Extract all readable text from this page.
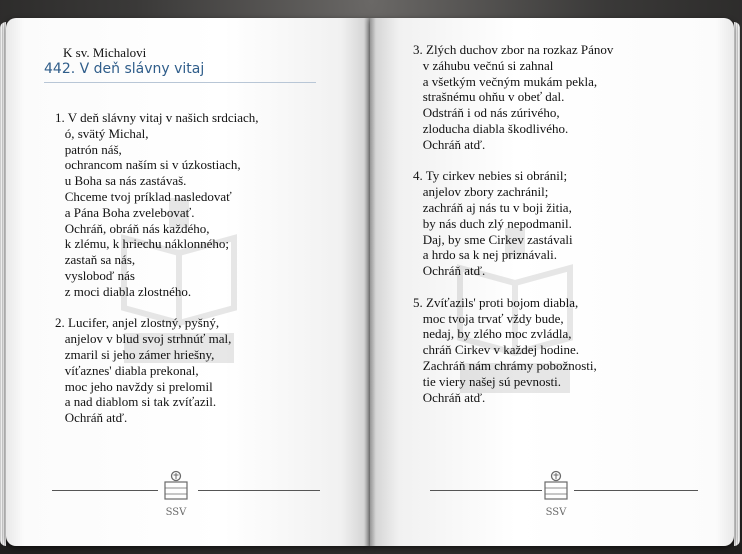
K sv. Michalovi
442. V deň slávny vitaj
1. V deň slávny vitaj v našich srdciach,
ó, svätý Michal,
patrón náš,
ochrancom naším si v úzkostiach,
u Boha sa nás zastávaš.
Chceme tvoj príklad nasledovať
a Pána Boha zvelebovať.
Ochráň, obráň nás každého,
k zlému, k hriechu náklonného;
zastaň sa nás,
vysloboď nás
z moci diabla zlostného.
2. Lucifer, anjel zlostný, pyšný,
anjelov v blud svoj strhnúť mal,
zmaril si jeho zámer hriešny,
víťaznes' diabla prekonal,
moc jeho navždy si prelomil
a nad diablom si tak zvíťazil.
Ochráň atď.
SSV
3. Zlých duchov zbor na rozkaz Pánov
v záhubu večnú si zahnal
a všetkým večným mukám pekla,
strašnému ohňu v obeť dal.
Odstráň i od nás zúrivého,
zloducha diabla škodlivého.
Ochráň atď.
4. Ty cirkev nebies si obránil;
anjelov zbory zachránil;
zachráň aj nás tu v boji žitia,
by nás duch zlý nepodmanil.
Daj, by sme Cirkev zastávali
a hrdo sa k nej priznávali.
Ochráň atď.
5. Zvíťazils' proti bojom diabla,
moc tvoja trvať vždy bude,
nedaj, by zlého moc zvládla,
chráň Cirkev v každej hodine.
Zachráň nám chrámy pobožnosti,
tie viery našej sú pevnosti.
Ochráň atď.
SSV
